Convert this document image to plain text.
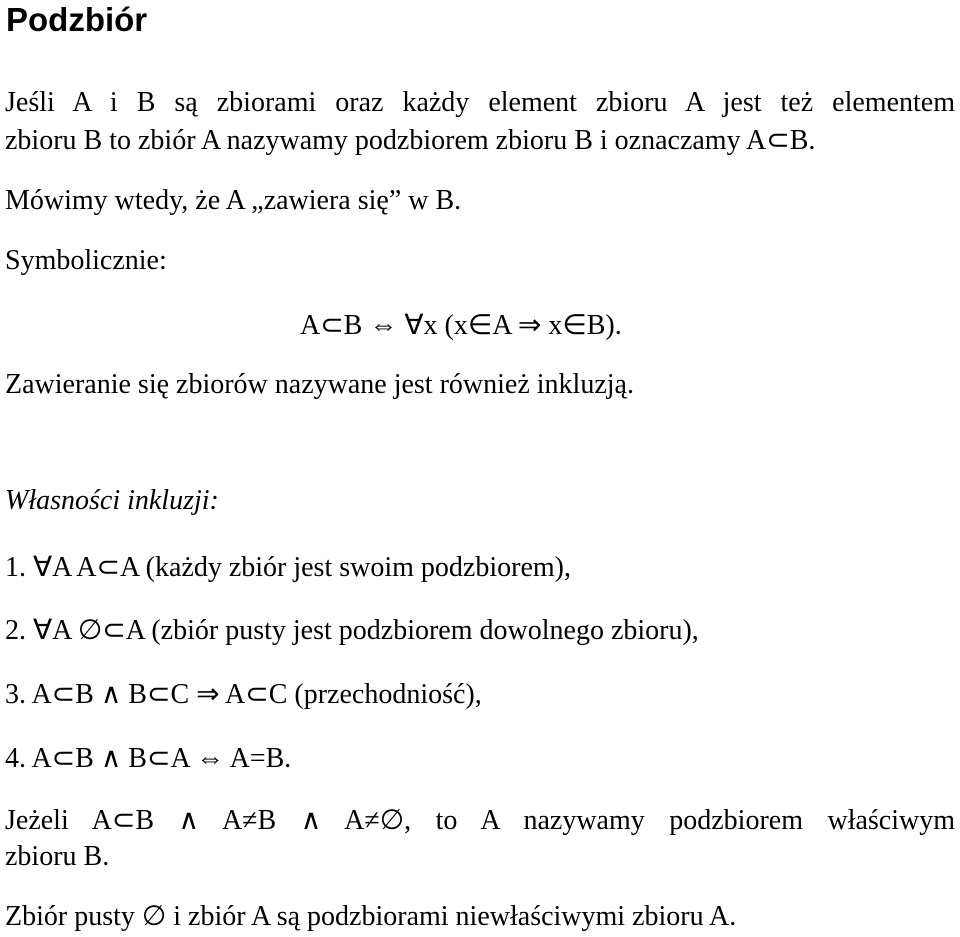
Podzbiór
Jeśli A i B są zbiorami oraz każdy element zbioru A jest też elementem
zbioru B to zbiór A nazywamy podzbiorem zbioru B i oznaczamy A⊂B.
Mówimy wtedy, że A „zawiera się” w B.
Symbolicznie:
A⊂B ⇔ ∀x (x∈A ⇒ x∈B).
Zawieranie się zbiorów nazywane jest również inkluzją.
Własności inkluzji:
1. ∀A A⊂A (każdy zbiór jest swoim podzbiorem),
2. ∀A ∅⊂A (zbiór pusty jest podzbiorem dowolnego zbioru),
3. A⊂B ∧ B⊂C ⇒ A⊂C (przechodniość),
4. A⊂B ∧ B⊂A ⇔ A=B.
Jeżeli A⊂B ∧ A≠B ∧ A≠∅, to A nazywamy podzbiorem właściwym
zbioru B.
Zbiór pusty ∅ i zbiór A są podzbiorami niewłaściwymi zbioru A.
